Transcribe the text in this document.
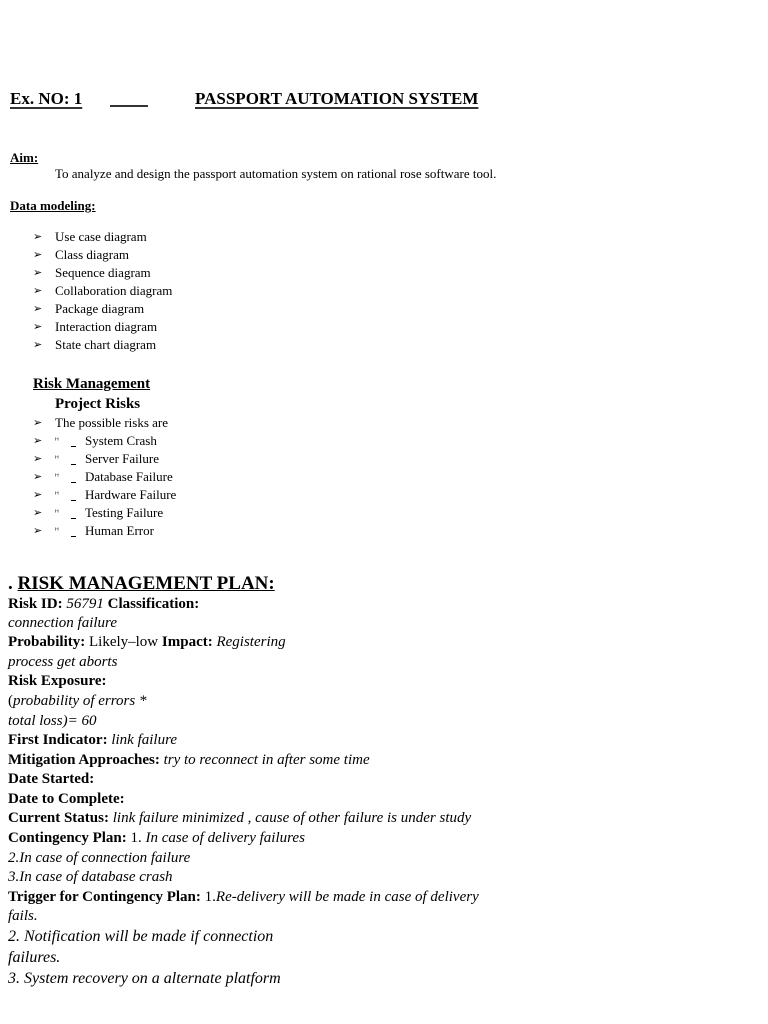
Ex. NO: 1	PASSPORT AUTOMATION SYSTEM
Aim:
To analyze and design the passport automation system on rational rose software tool.
Data modeling:
➢ Use case diagram
➢ Class diagram
➢ Sequence diagram
➢ Collaboration diagram
➢ Package diagram
➢ Interaction diagram
➢ State chart diagram
Risk Management
Project Risks
➢ The possible risks are
➢ ᵸ
⎯ System Crash
➢ ᵸ
⎯ Server Failure
➢ ᵸ
⎯ Database Failure
➢ ᵸ
⎯ Hardware Failure
➢ ᵸ
⎯ Testing Failure
➢ ᵸ
⎯ Human Error
. RISK MANAGEMENT PLAN:
Risk ID: 56791 Classification:
connection failure
Probability: Likely–low Impact: Registering
process get aborts
Risk Exposure:
(probability of errors *
total loss)= 60
First Indicator: link failure
Mitigation Approaches: try to reconnect in after some time
Date Started:
Date to Complete:
Current Status: link failure minimized , cause of other failure is under study
Contingency Plan: 1. In case of delivery failures
2.In case of connection failure
3.In case of database crash
Trigger for Contingency Plan: 1.Re-delivery will be made in case of delivery
fails.
2. Notification will be made if connection
failures.
3. System recovery on a alternate platform
